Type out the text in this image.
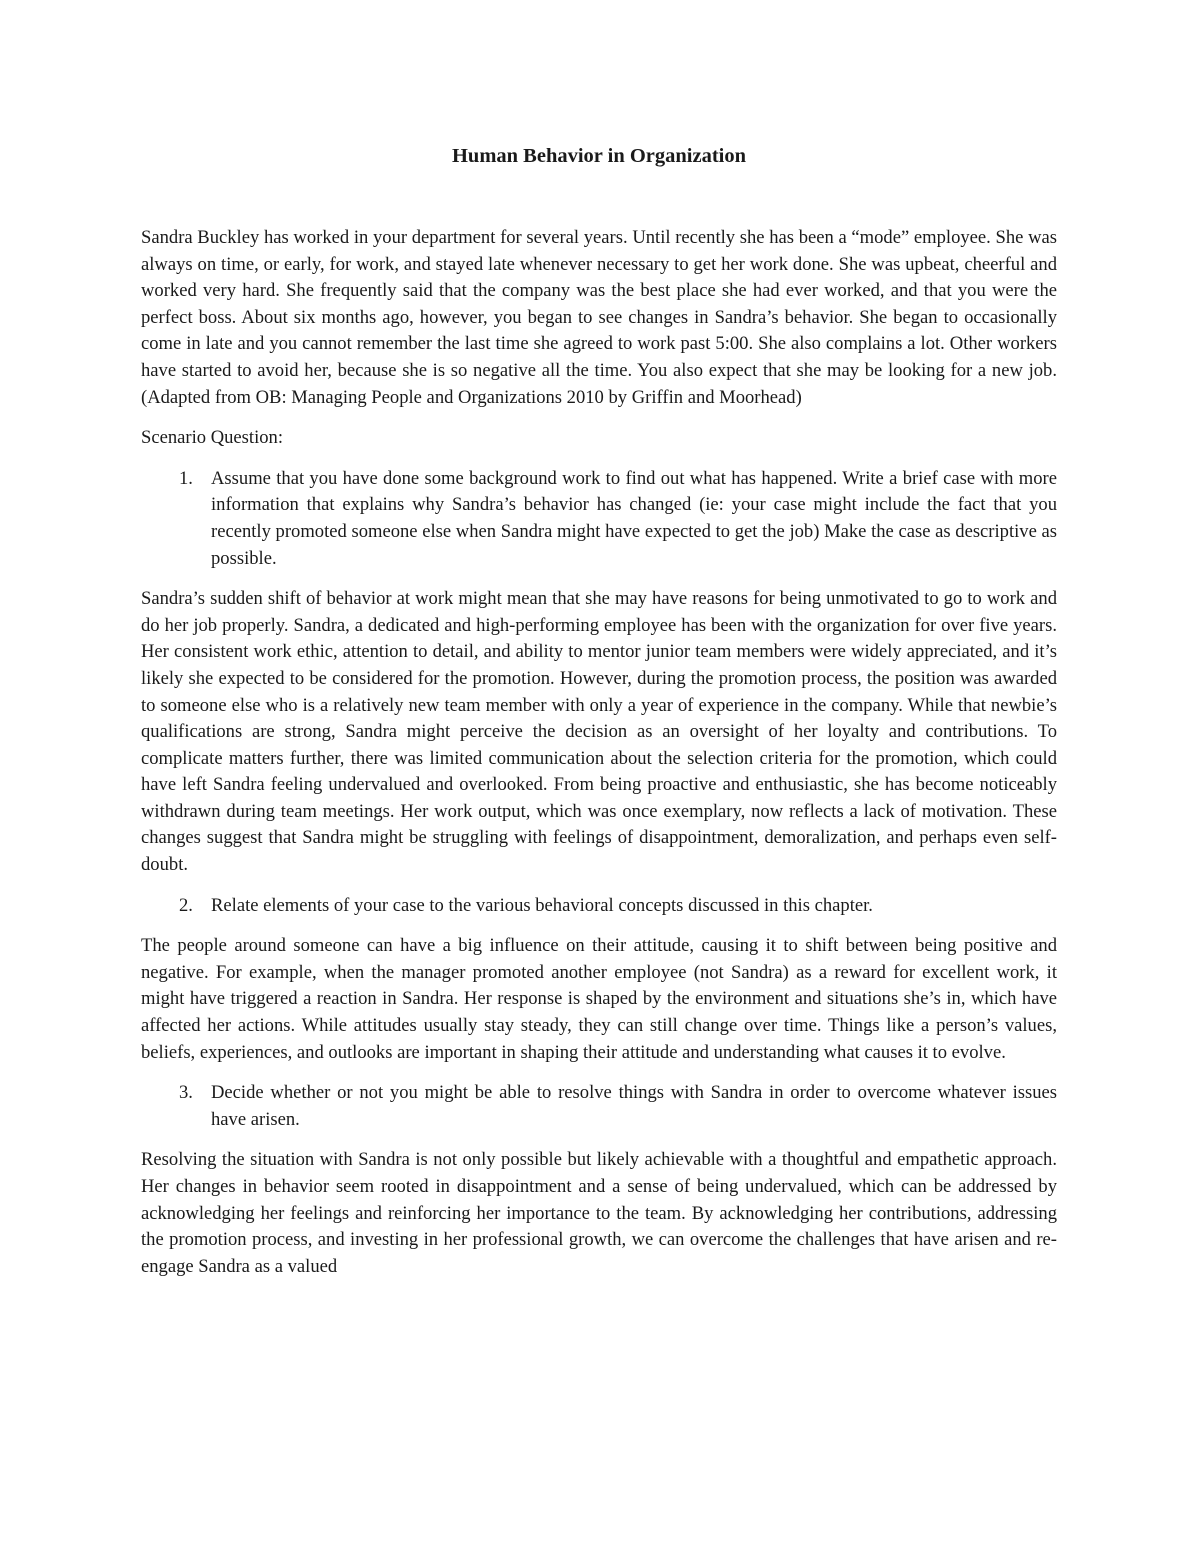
Human Behavior in Organization
Sandra Buckley has worked in your department for several years. Until recently she has been a “mode” employee. She was always on time, or early, for work, and stayed late whenever necessary to get her work done. She was upbeat, cheerful and worked very hard. She frequently said that the company was the best place she had ever worked, and that you were the perfect boss. About six months ago, however, you began to see changes in Sandra’s behavior. She began to occasionally come in late and you cannot remember the last time she agreed to work past 5:00. She also complains a lot. Other workers have started to avoid her, because she is so negative all the time. You also expect that she may be looking for a new job. (Adapted from OB: Managing People and Organizations 2010 by Griffin and Moorhead)
Scenario Question:
1. Assume that you have done some background work to find out what has happened. Write a brief case with more information that explains why Sandra’s behavior has changed (ie: your case might include the fact that you recently promoted someone else when Sandra might have expected to get the job) Make the case as descriptive as possible.
Sandra’s sudden shift of behavior at work might mean that she may have reasons for being unmotivated to go to work and do her job properly. Sandra, a dedicated and high-performing employee has been with the organization for over five years. Her consistent work ethic, attention to detail, and ability to mentor junior team members were widely appreciated, and it’s likely she expected to be considered for the promotion. However, during the promotion process, the position was awarded to someone else who is a relatively new team member with only a year of experience in the company. While that newbie’s qualifications are strong, Sandra might perceive the decision as an oversight of her loyalty and contributions. To complicate matters further, there was limited communication about the selection criteria for the promotion, which could have left Sandra feeling undervalued and overlooked. From being proactive and enthusiastic, she has become noticeably withdrawn during team meetings. Her work output, which was once exemplary, now reflects a lack of motivation. These changes suggest that Sandra might be struggling with feelings of disappointment, demoralization, and perhaps even self-doubt.
2. Relate elements of your case to the various behavioral concepts discussed in this chapter.
The people around someone can have a big influence on their attitude, causing it to shift between being positive and negative. For example, when the manager promoted another employee (not Sandra) as a reward for excellent work, it might have triggered a reaction in Sandra. Her response is shaped by the environment and situations she’s in, which have affected her actions. While attitudes usually stay steady, they can still change over time. Things like a person’s values, beliefs, experiences, and outlooks are important in shaping their attitude and understanding what causes it to evolve.
3. Decide whether or not you might be able to resolve things with Sandra in order to overcome whatever issues have arisen.
Resolving the situation with Sandra is not only possible but likely achievable with a thoughtful and empathetic approach. Her changes in behavior seem rooted in disappointment and a sense of being undervalued, which can be addressed by acknowledging her feelings and reinforcing her importance to the team. By acknowledging her contributions, addressing the promotion process, and investing in her professional growth, we can overcome the challenges that have arisen and re-engage Sandra as a valued
